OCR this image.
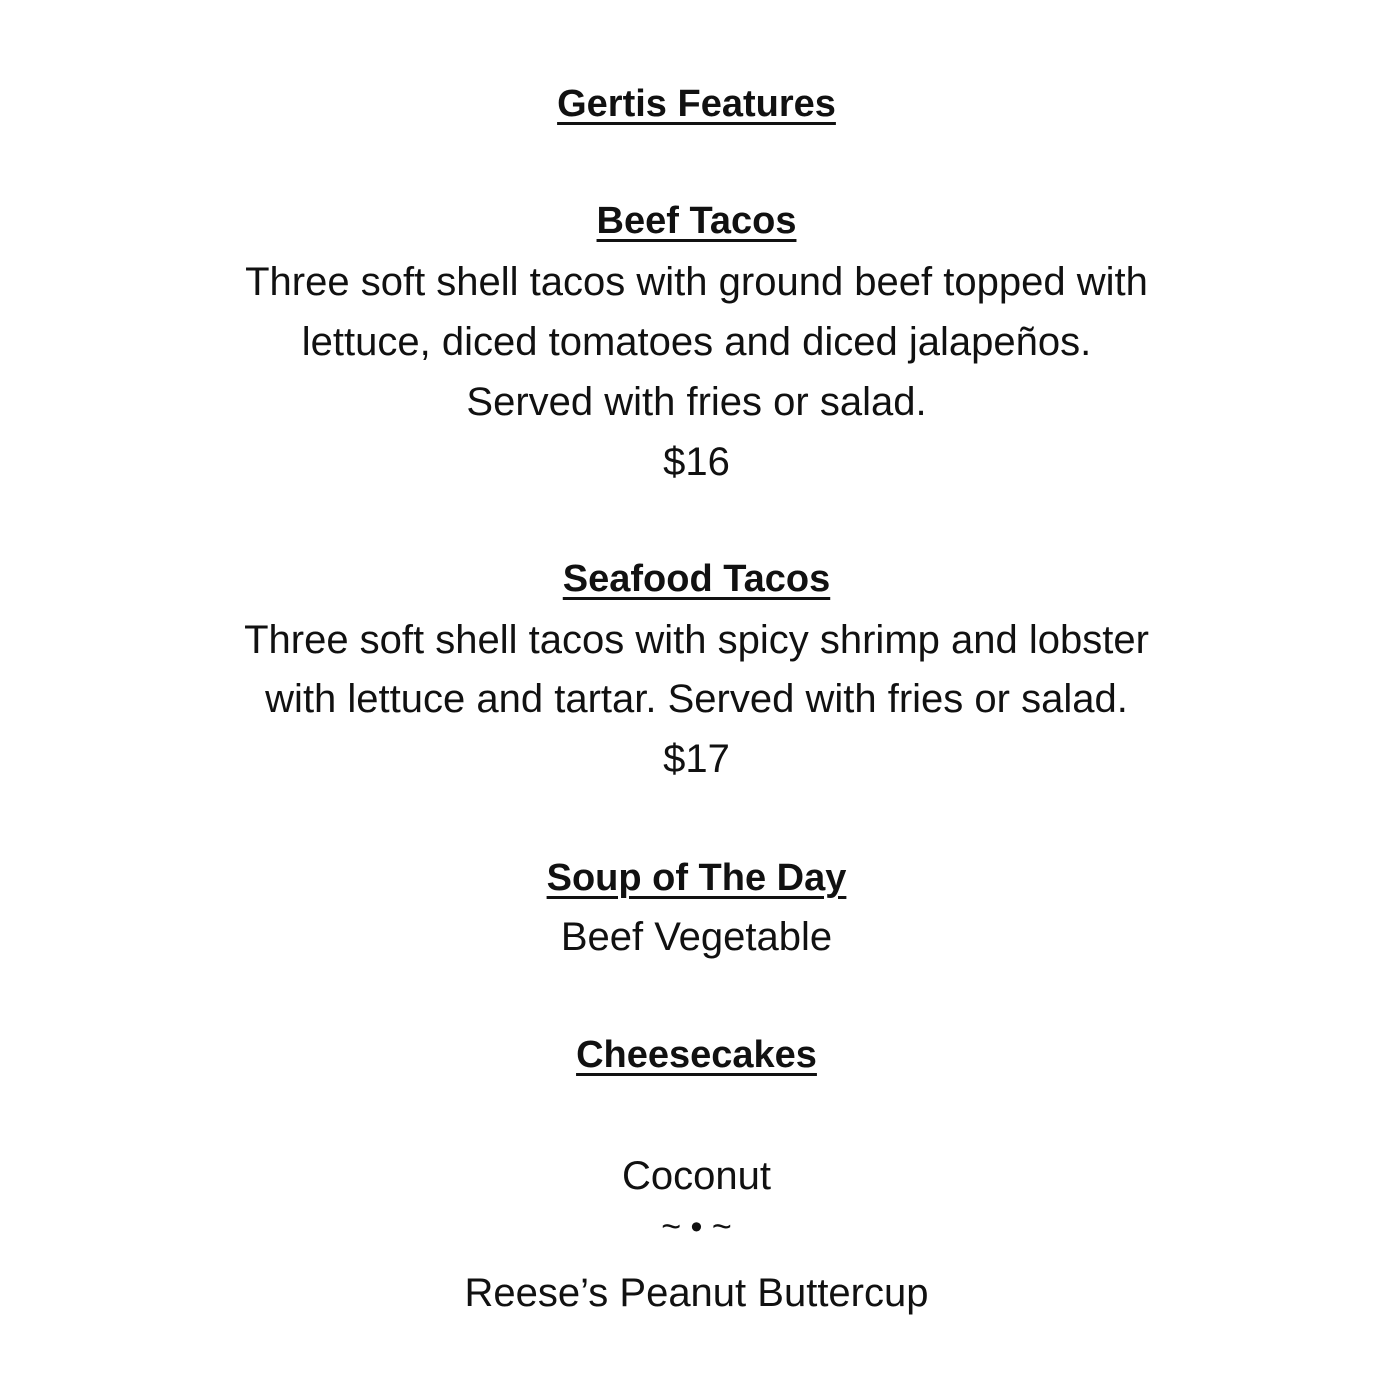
Gertis Features
Beef Tacos
Three soft shell tacos with ground beef topped with
lettuce, diced tomatoes and diced jalapeños.
Served with fries or salad.
$16
Seafood Tacos
Three soft shell tacos with spicy shrimp and lobster
with lettuce and tartar. Served with fries or salad.
$17
Soup of The Day
Beef Vegetable
Cheesecakes
Coconut
~ • ~
Reese’s Peanut Buttercup
